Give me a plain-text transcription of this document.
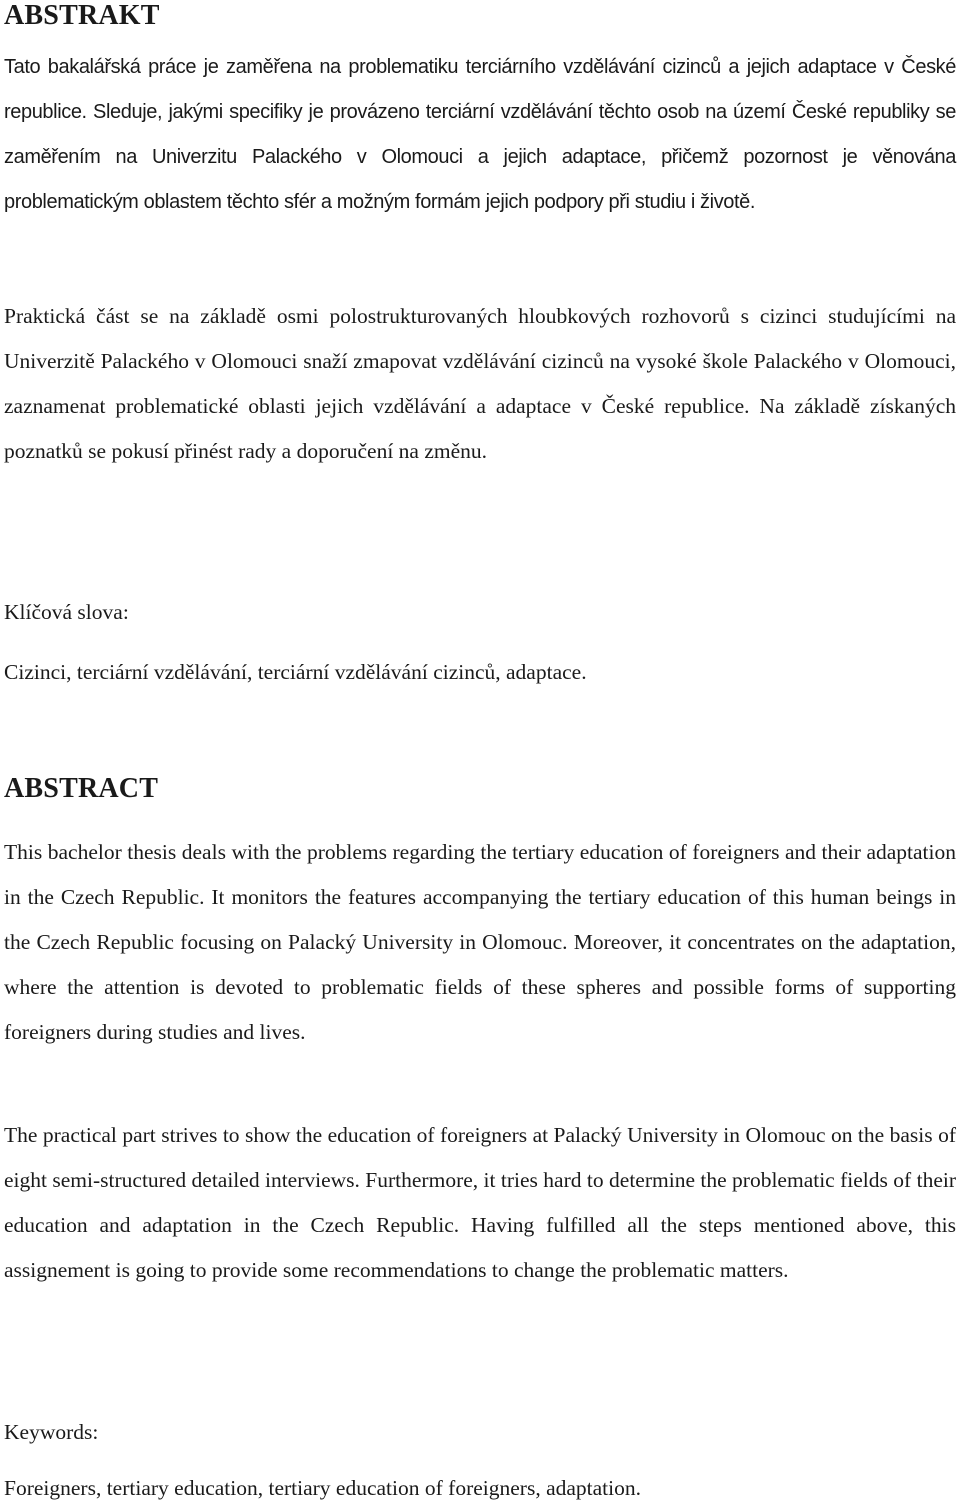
ABSTRAKT

Tato bakalářská práce je zaměřena na problematiku terciárního vzdělávání cizinců a jejich adaptace v České republice. Sleduje, jakými specifiky je provázeno terciární vzdělávání těchto osob na území České republiky se zaměřením na Univerzitu Palackého v Olomouci a jejich adaptace, přičemž pozornost je věnována problematickým oblastem těchto sfér a možným formám jejich podpory při studiu i životě.

Praktická část se na základě osmi polostrukturovaných hloubkových rozhovorů s cizinci studujícími na Univerzitě Palackého v Olomouci snaží zmapovat vzdělávání cizinců na vysoké škole Palackého v Olomouci, zaznamenat problematické oblasti jejich vzdělávání a adaptace v České republice. Na základě získaných poznatků se pokusí přinést rady a doporučení na změnu.

Klíčová slova:

Cizinci, terciární vzdělávání, terciární vzdělávání cizinců, adaptace.

ABSTRACT

This bachelor thesis deals with the problems regarding the tertiary education of foreigners and their adaptation in the Czech Republic. It monitors the features accompanying the tertiary education of this human beings in the Czech Republic focusing on Palacký University in Olomouc. Moreover, it concentrates on the adaptation, where the attention is devoted to problematic fields of these spheres and possible forms of supporting foreigners during studies and lives.

The practical part strives to show the education of foreigners at Palacký University in Olomouc on the basis of eight semi-structured detailed interviews. Furthermore, it tries hard to determine the problematic fields of their education and adaptation in the Czech Republic. Having fulfilled all the steps mentioned above, this assignement is going to provide some recommendations to change the problematic matters.

Keywords:

Foreigners, tertiary education, tertiary education of foreigners, adaptation.
